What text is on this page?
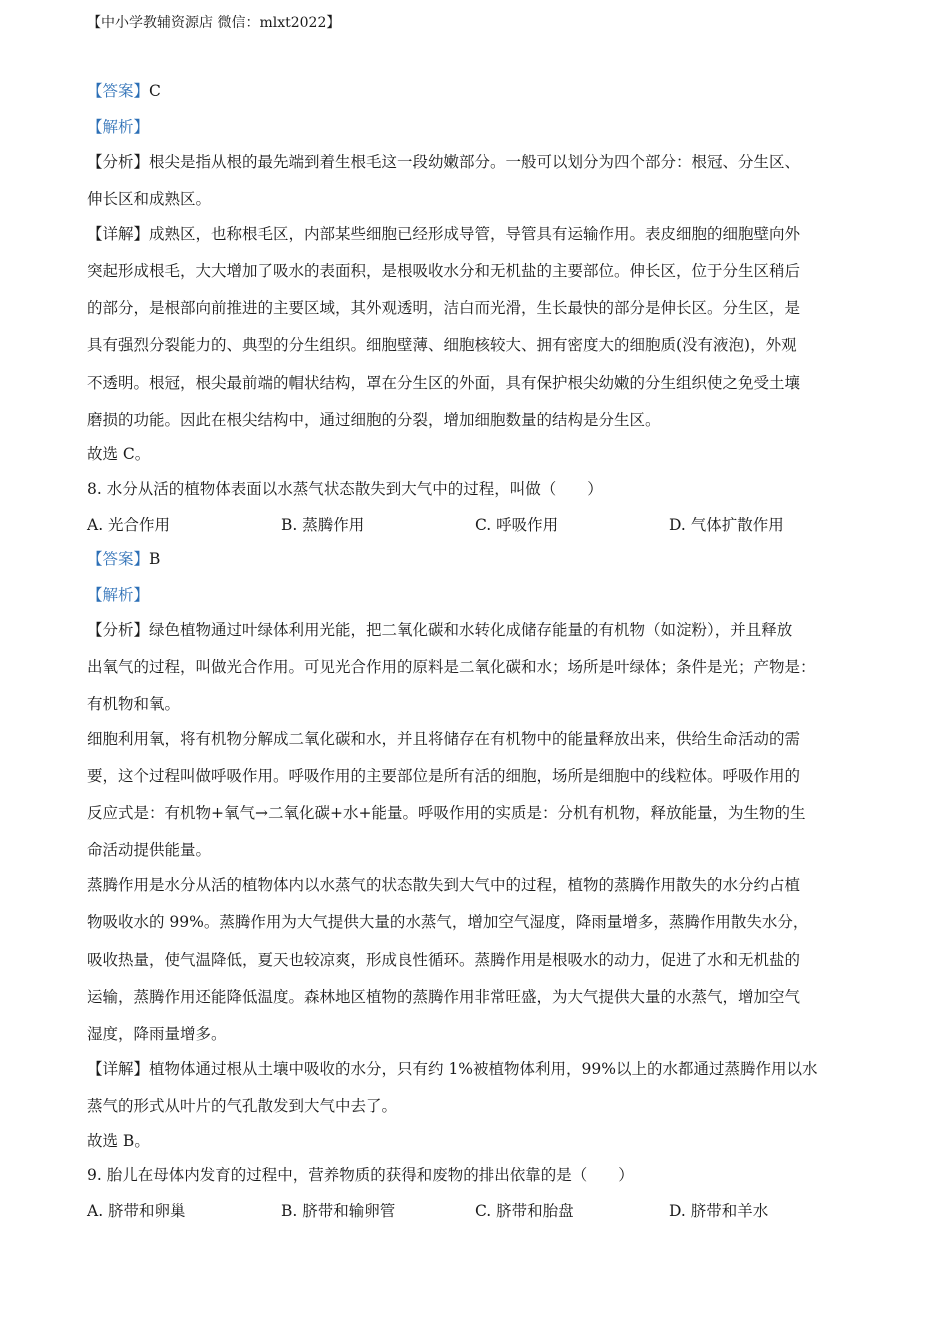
【中小学教辅资源店 微信：mlxt2022】
【答案】C
【解析】
【分析】根尖是指从根的最先端到着生根毛这一段幼嫩部分。一般可以划分为四个部分：根冠、分生区、
伸长区和成熟区。
【详解】成熟区，也称根毛区，内部某些细胞已经形成导管，导管具有运输作用。表皮细胞的细胞壁向外
突起形成根毛，大大增加了吸水的表面积，是根吸收水分和无机盐的主要部位。伸长区，位于分生区稍后
的部分，是根部向前推进的主要区域，其外观透明，洁白而光滑，生长最快的部分是伸长区。分生区，是
具有强烈分裂能力的、典型的分生组织。细胞壁薄、细胞核较大、拥有密度大的细胞质(没有液泡)，外观
不透明。根冠，根尖最前端的帽状结构，罩在分生区的外面，具有保护根尖幼嫩的分生组织使之免受土壤
磨损的功能。因此在根尖结构中，通过细胞的分裂，增加细胞数量的结构是分生区。
故选 C。
8. 水分从活的植物体表面以水蒸气状态散失到大气中的过程，叫做（　　）
A. 光合作用	B. 蒸腾作用	C. 呼吸作用	D. 气体扩散作用
【答案】B
【解析】
【分析】绿色植物通过叶绿体利用光能，把二氧化碳和水转化成储存能量的有机物（如淀粉），并且释放
出氧气的过程，叫做光合作用。可见光合作用的原料是二氧化碳和水；场所是叶绿体；条件是光；产物是：
有机物和氧。
细胞利用氧，将有机物分解成二氧化碳和水，并且将储存在有机物中的能量释放出来，供给生命活动的需
要，这个过程叫做呼吸作用。呼吸作用的主要部位是所有活的细胞，场所是细胞中的线粒体。呼吸作用的
反应式是：有机物+氧气→二氧化碳+水+能量。呼吸作用的实质是：分机有机物，释放能量，为生物的生
命活动提供能量。
蒸腾作用是水分从活的植物体内以水蒸气的状态散失到大气中的过程，植物的蒸腾作用散失的水分约占植
物吸收水的 99%。蒸腾作用为大气提供大量的水蒸气，增加空气湿度，降雨量增多，蒸腾作用散失水分，
吸收热量，使气温降低，夏天也较凉爽，形成良性循环。蒸腾作用是根吸水的动力，促进了水和无机盐的
运输，蒸腾作用还能降低温度。森林地区植物的蒸腾作用非常旺盛，为大气提供大量的水蒸气，增加空气
湿度，降雨量增多。
【详解】植物体通过根从土壤中吸收的水分，只有约 1%被植物体利用，99%以上的水都通过蒸腾作用以水
蒸气的形式从叶片的气孔散发到大气中去了。
故选 B。
9. 胎儿在母体内发育的过程中，营养物质的获得和废物的排出依靠的是（　　）
A. 脐带和卵巢	B. 脐带和输卵管	C. 脐带和胎盘	D. 脐带和羊水
